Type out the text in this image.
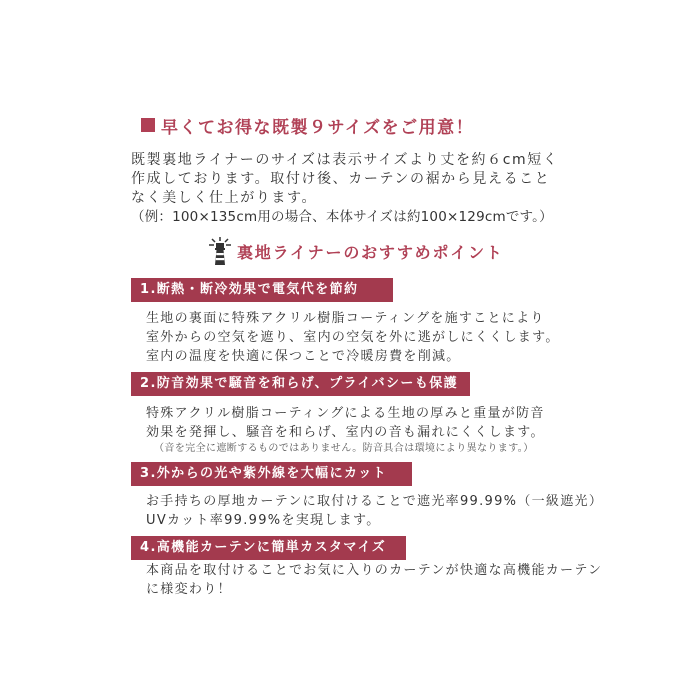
早くてお得な既製９サイズをご用意！
既製裏地ライナーのサイズは表示サイズより丈を約６cm短く
作成しております。取付け後、カーテンの裾から見えること
なく美しく仕上がります。
（例：100×135cm用の場合、本体サイズは約100×129cmです。）
裏地ライナーのおすすめポイント
1.断熱・断冷効果で電気代を節約
生地の裏面に特殊アクリル樹脂コーティングを施すことにより
室外からの空気を遮り、室内の空気を外に逃がしにくくします。
室内の温度を快適に保つことで冷暖房費を削減。
2.防音効果で騒音を和らげ、プライバシーも保護
特殊アクリル樹脂コーティングによる生地の厚みと重量が防音
効果を発揮し、騒音を和らげ、室内の音も漏れにくくします。
（音を完全に遮断するものではありません。防音具合は環境により異なります。）
3.外からの光や紫外線を大幅にカット
お手持ちの厚地カーテンに取付けることで遮光率99.99%（一級遮光）
UVカット率99.99%を実現します。
4.高機能カーテンに簡単カスタマイズ
本商品を取付けることでお気に入りのカーテンが快適な高機能カーテン
に様変わり！
